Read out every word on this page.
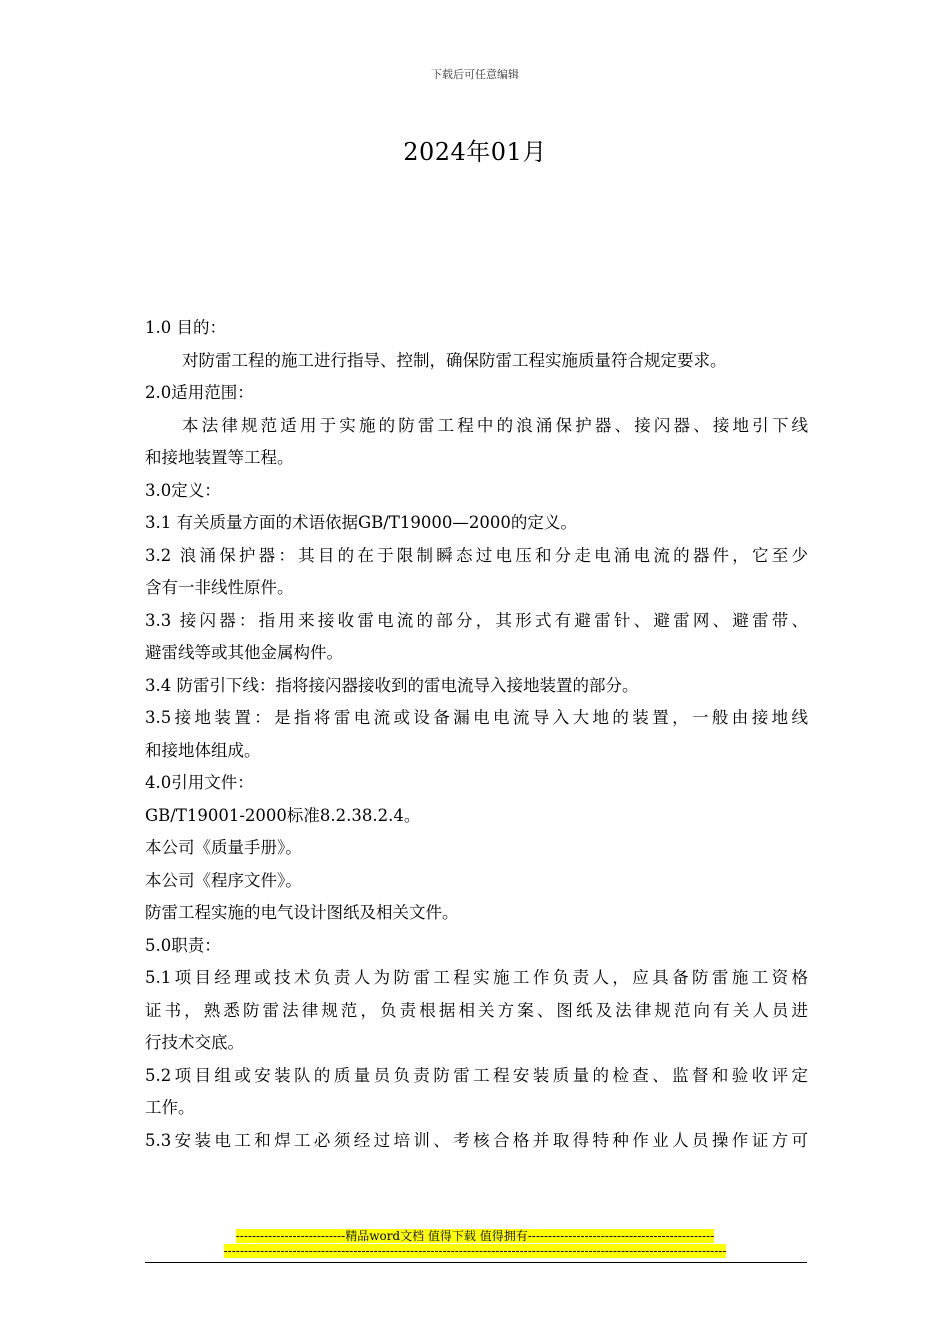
下载后可任意编辑
2024年01月
1.0 目的：
对防雷工程的施工进行指导、控制，确保防雷工程实施质量符合规定要求。
2.0适用范围：
本法律规范适用于实施的防雷工程中的浪涌保护器、接闪器、接地引下线
和接地装置等工程。
3.0定义：
3.1 有关质量方面的术语依据GB/T19000—2000的定义。
3.2 浪涌保护器：其目的在于限制瞬态过电压和分走电涌电流的器件，它至少
含有一非线性原件。
3.3 接闪器：指用来接收雷电流的部分，其形式有避雷针、避雷网、避雷带、
避雷线等或其他金属构件。
3.4 防雷引下线：指将接闪器接收到的雷电流导入接地装置的部分。
3.5接地装置：是指将雷电流或设备漏电电流导入大地的装置，一般由接地线
和接地体组成。
4.0引用文件：
GB/T19001-2000标准8.2.38.2.4。
本公司《质量手册》。
本公司《程序文件》。
防雷工程实施的电气设计图纸及相关文件。
5.0职责：
5.1项目经理或技术负责人为防雷工程实施工作负责人，应具备防雷施工资格
证书，熟悉防雷法律规范，负责根据相关方案、图纸及法律规范向有关人员进
行技术交底。
5.2项目组或安装队的质量员负责防雷工程安装质量的检查、监督和验收评定
工作。
5.3安装电工和焊工必须经过培训、考核合格并取得特种作业人员操作证方可
---------------------------精品word文档 值得下载 值得拥有----------------------------------------------
----------------------------------------------------------------------------------------------------------------------------
